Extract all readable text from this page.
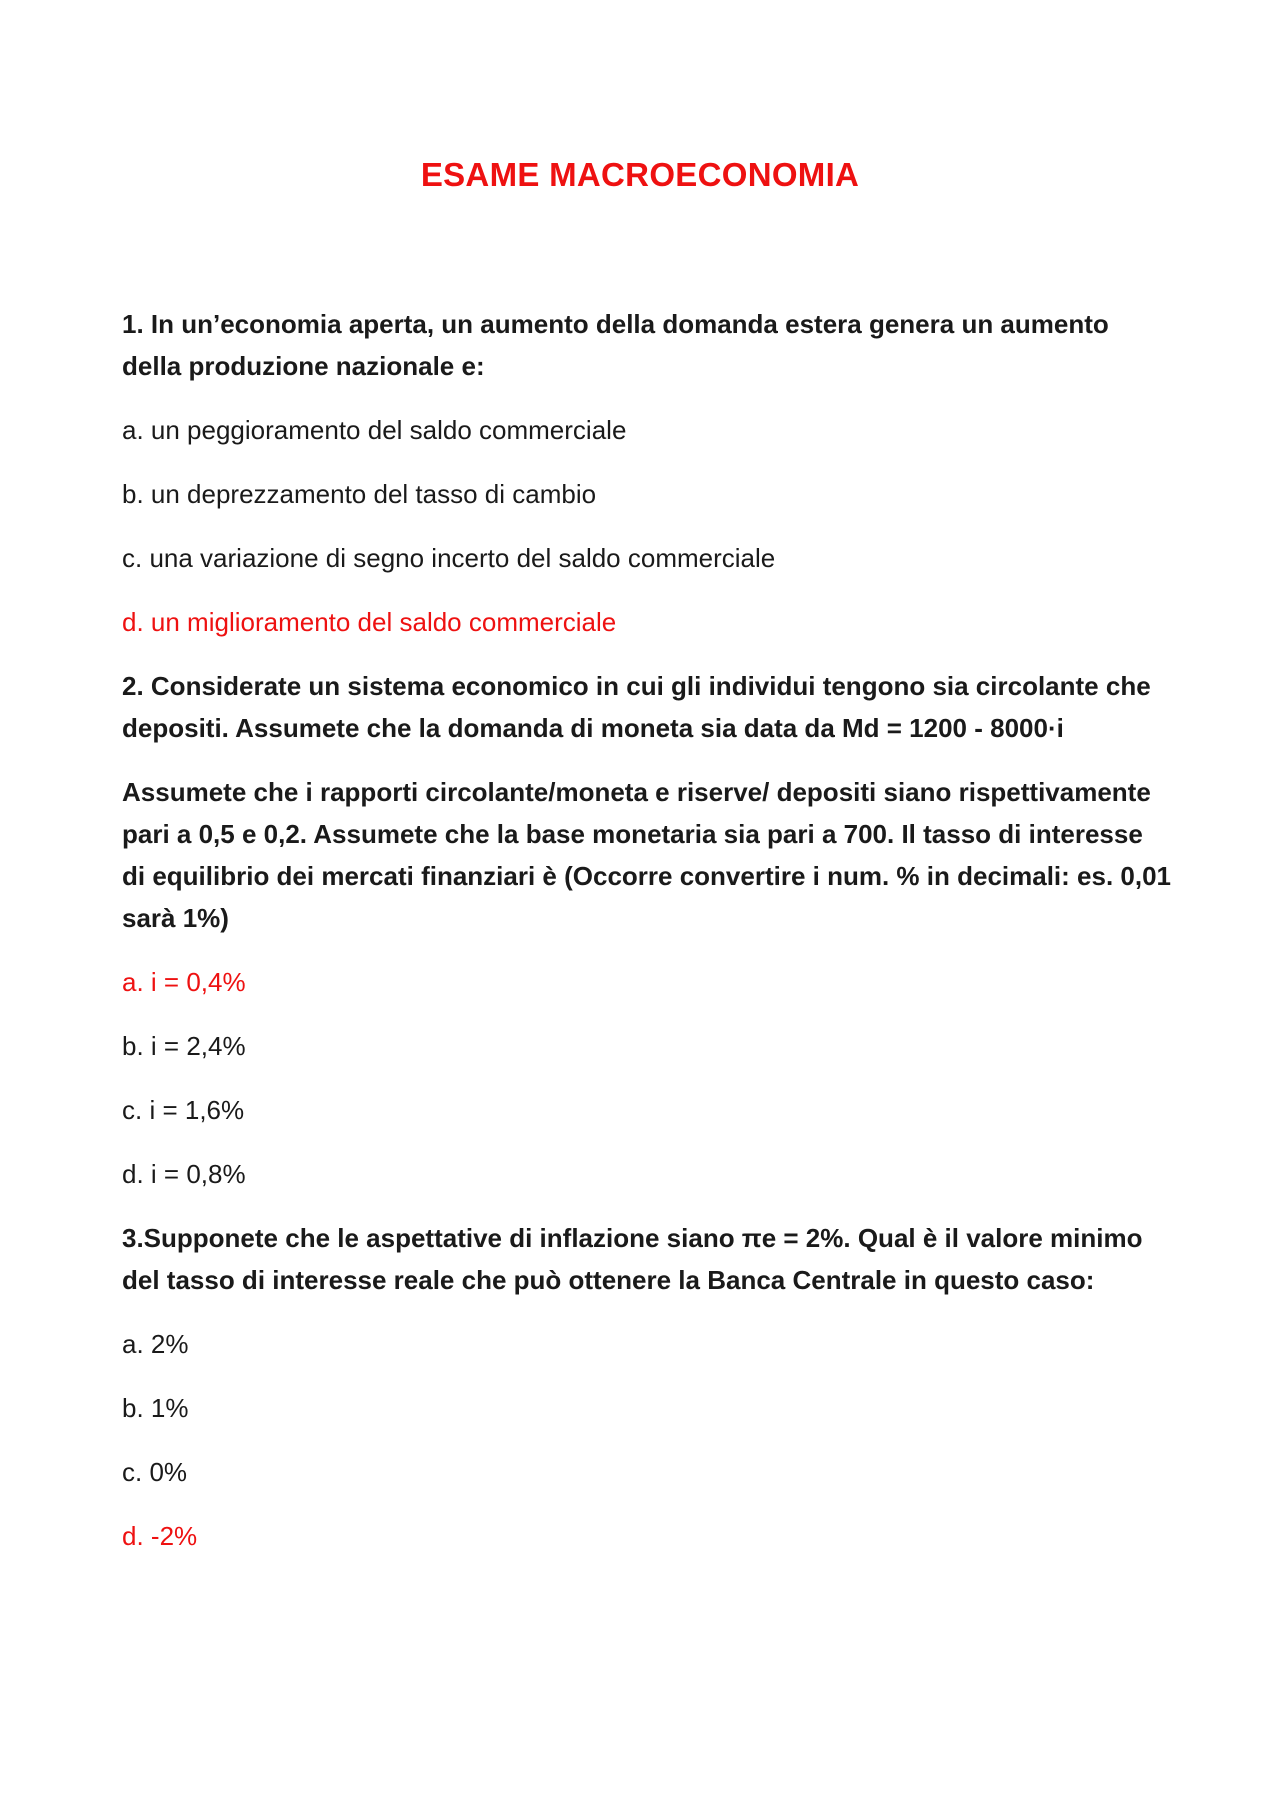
ESAME MACROECONOMIA

1. In un’economia aperta, un aumento della domanda estera genera un aumento della produzione nazionale e:

a. un peggioramento del saldo commerciale

b. un deprezzamento del tasso di cambio

c. una variazione di segno incerto del saldo commerciale

d. un miglioramento del saldo commerciale

2. Considerate un sistema economico in cui gli individui tengono sia circolante che depositi. Assumete che la domanda di moneta sia data da Md = 1200 - 8000·i

Assumete che i rapporti circolante/moneta e riserve/ depositi siano rispettivamente pari a 0,5 e 0,2. Assumete che la base monetaria sia pari a 700. Il tasso di interesse di equilibrio dei mercati finanziari è (Occorre convertire i num. % in decimali: es. 0,01 sarà 1%)

a. i = 0,4%

b. i = 2,4%

c. i = 1,6%

d. i = 0,8%

3.Supponete che le aspettative di inflazione siano πe = 2%. Qual è il valore minimo del tasso di interesse reale che può ottenere la Banca Centrale in questo caso:

a. 2%

b. 1%

c. 0%

d. -2%
